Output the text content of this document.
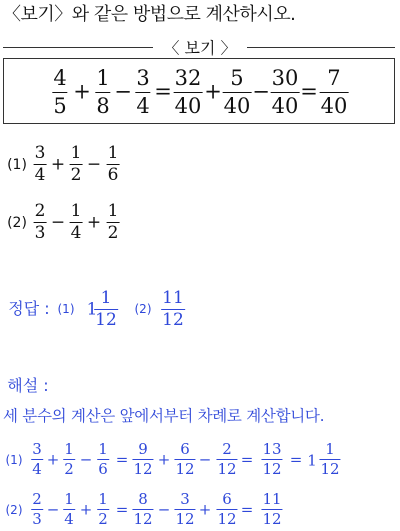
〈보기〉와 같은 방법으로 계산하시오.
〈 보기 〉
4
5
+
1
8
−
3
4
=
32
40
+
5
40
−
30
40
=
7
40
(1)
3
4
+
1
2
−
1
6
(2)
2
3
−
1
4
+
1
2
정답 : (1) 1
1
12
(2)
11
12
해설 :
세 분수의 계산은 앞에서부터 차례로 계산합니다.
(1)
3
4
+
1
2
−
1
6
=
9
12
+
6
12
−
2
12
=
13
12
= 1
1
12
(2)
2
3
−
1
4
+
1
2
=
8
12
−
3
12
+
6
12
=
11
12
